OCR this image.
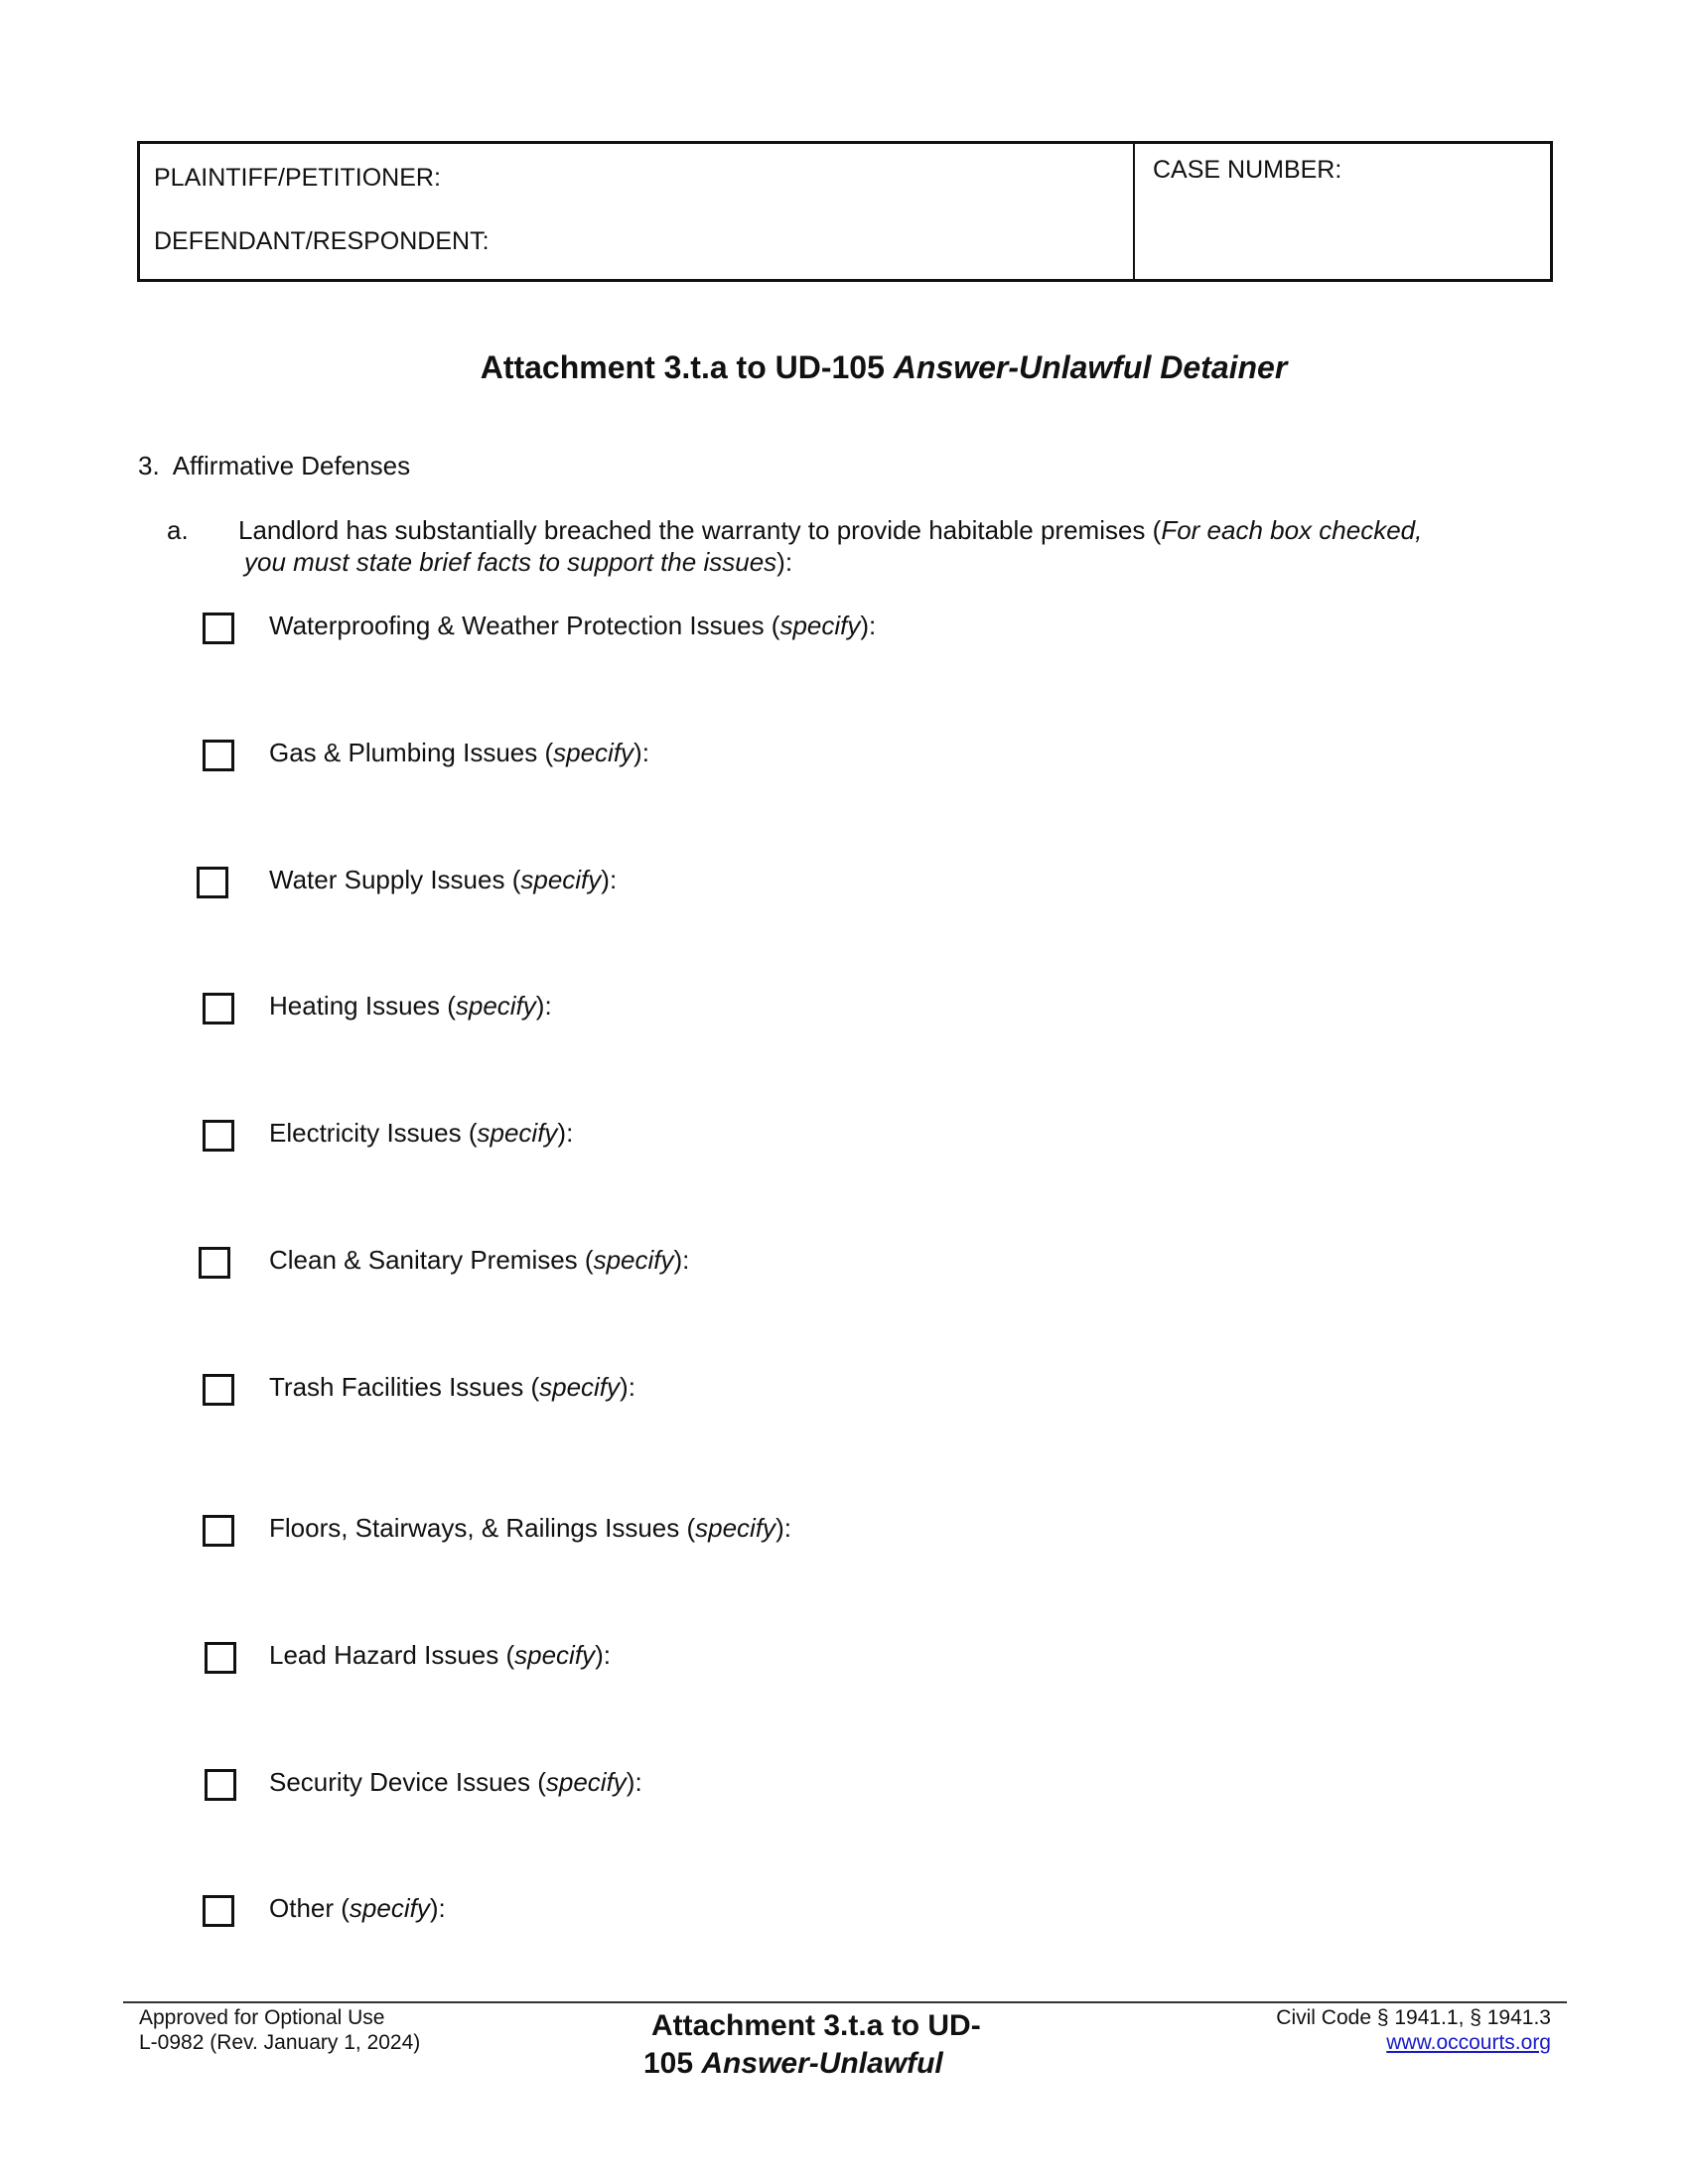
PLAINTIFF/PETITIONER:
DEFENDANT/RESPONDENT:
CASE NUMBER:
Attachment 3.t.a to UD-105 Answer-Unlawful Detainer
3. Affirmative Defenses
a. Landlord has substantially breached the warranty to provide habitable premises (For each box checked,
you must state brief facts to support the issues):
Waterproofing & Weather Protection Issues (specify):
Gas & Plumbing Issues (specify):
Water Supply Issues (specify):
Heating Issues (specify):
Electricity Issues (specify):
Clean & Sanitary Premises (specify):
Trash Facilities Issues (specify):
Floors, Stairways, & Railings Issues (specify):
Lead Hazard Issues (specify):
Security Device Issues (specify):
Other (specify):
Approved for Optional Use
L-0982 (Rev. January 1, 2024)
Attachment 3.t.a to UD-
105 Answer-Unlawful
Civil Code § 1941.1, § 1941.3
www.occourts.org
